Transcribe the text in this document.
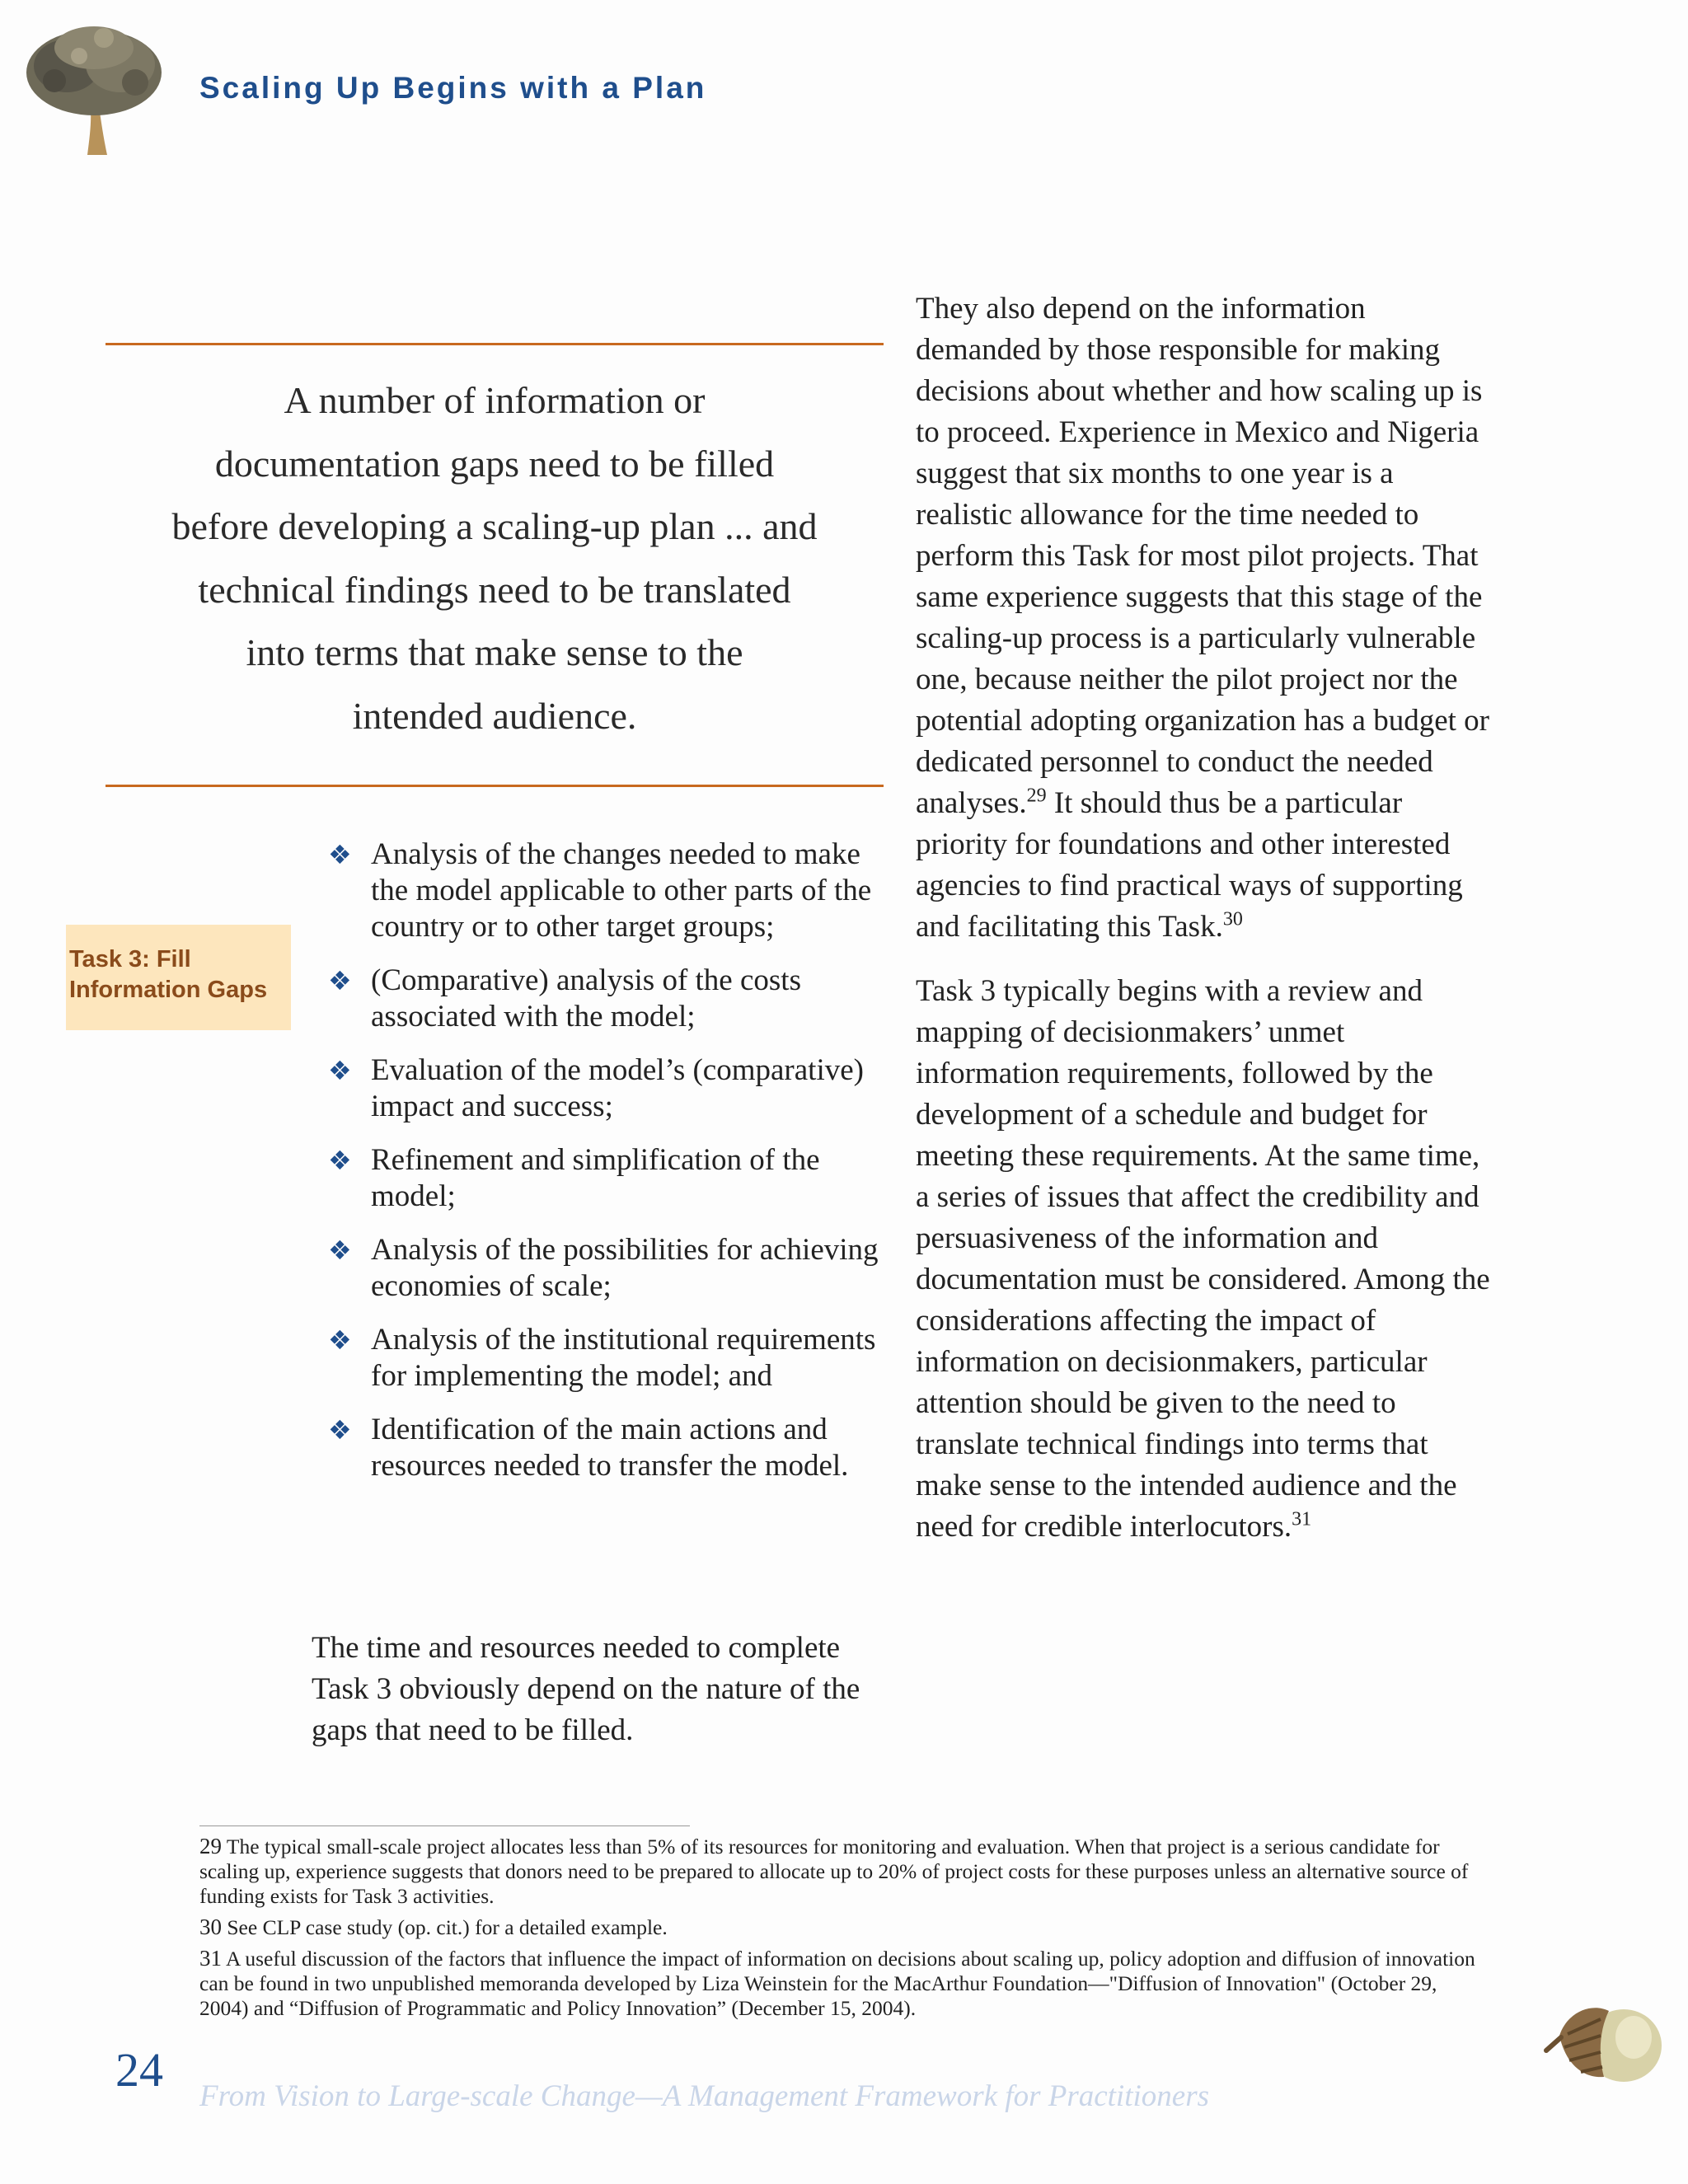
Scaling Up Begins with a Plan
A number of information or
documentation gaps need to be filled
before developing a scaling-up plan ... and
technical findings need to be translated
into terms that make sense to the
intended audience.
Task 3: Fill
Information Gaps
❖ Analysis of the changes needed to make the model applicable to other parts of the country or to other target groups;
❖ (Comparative) analysis of the costs associated with the model;
❖ Evaluation of the model’s (comparative) impact and success;
❖ Refinement and simplification of the model;
❖ Analysis of the possibilities for achieving economies of scale;
❖ Analysis of the institutional requirements for implementing the model; and
❖ Identification of the main actions and resources needed to transfer the model.
The time and resources needed to complete Task 3 obviously depend on the nature of the gaps that need to be filled.

They also depend on the information demanded by those responsible for making decisions about whether and how scaling up is to proceed. Experience in Mexico and Nigeria suggest that six months to one year is a realistic allowance for the time needed to perform this Task for most pilot projects. That same experience suggests that this stage of the scaling-up process is a particularly vulnerable one, because neither the pilot project nor the potential adopting organization has a budget or dedicated personnel to conduct the needed analyses.$^{29}$ It should thus be a particular priority for foundations and other interested agencies to find practical ways of supporting and facilitating this Task.$^{30}$

Task 3 typically begins with a review and mapping of decisionmakers’ unmet information requirements, followed by the development of a schedule and budget for meeting these requirements. At the same time, a series of issues that affect the credibility and persuasiveness of the information and documentation must be considered. Among the considerations affecting the impact of information on decisionmakers, particular attention should be given to the need to translate technical findings into terms that make sense to the intended audience and the need for credible interlocutors.$^{31}$

29 The typical small-scale project allocates less than 5% of its resources for monitoring and evaluation. When that project is a serious candidate for scaling up, experience suggests that donors need to be prepared to allocate up to 20% of project costs for these purposes unless an alternative source of funding exists for Task 3 activities.
30 See CLP case study (op. cit.) for a detailed example.
31 A useful discussion of the factors that influence the impact of information on decisions about scaling up, policy adoption and diffusion of innovation can be found in two unpublished memoranda developed by Liza Weinstein for the MacArthur Foundation—"Diffusion of Innovation" (October 29, 2004) and “Diffusion of Programmatic and Policy Innovation” (December 15, 2004).
24 From Vision to Large-scale Change—A Management Framework for Practitioners
